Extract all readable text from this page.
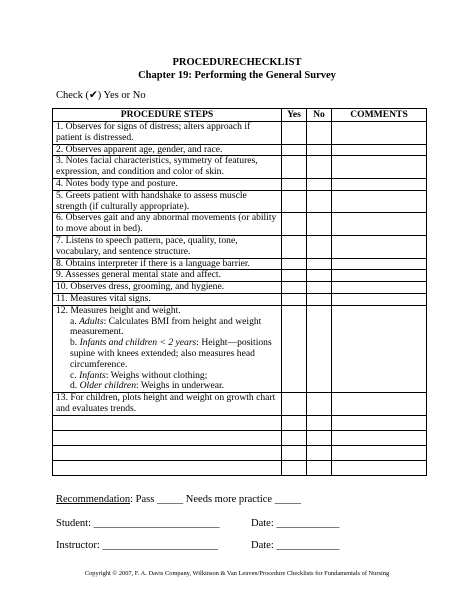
PROCEDURECHECKLIST
Chapter 19: Performing the General Survey
Check (✔) Yes or No
PROCEDURE STEPS	Yes	No	COMMENTS
1. Observes for signs of distress; alters approach if patient is distressed.			
2. Observes apparent age, gender, and race.			
3. Notes facial characteristics, symmetry of features, expression, and condition and color of skin.			
4. Notes body type and posture.			
5. Greets patient with handshake to assess muscle strength (if culturally appropriate).			
6. Observes gait and any abnormal movements (or ability to move about in bed).			
7. Listens to speech pattern, pace, quality, tone, vocabulary, and sentence structure.			
8. Obtains interpreter if there is a language barrier.			
9. Assesses general mental state and affect.			
10. Observes dress, grooming, and hygiene.			
11. Measures vital signs.			
12. Measures height and weight.
a. Adults: Calculates BMI from height and weight measurement.
b. Infants and children < 2 years: Height—positions supine with knees extended; also measures head circumference.
c. Infants: Weighs without clothing;
d. Older children: Weighs in underwear.			

13. For children, plots height and weight on growth chart and evaluates trends.			

Recommendation: Pass _____ Needs more practice _____
Student: ________________________
Instructor: ______________________
Date: ____________
Date: ____________
Copyright © 2007, F. A. Davis Company, Wilkinson & Van Leuven/Procedure Checklists for Fundamentals of Nursing
